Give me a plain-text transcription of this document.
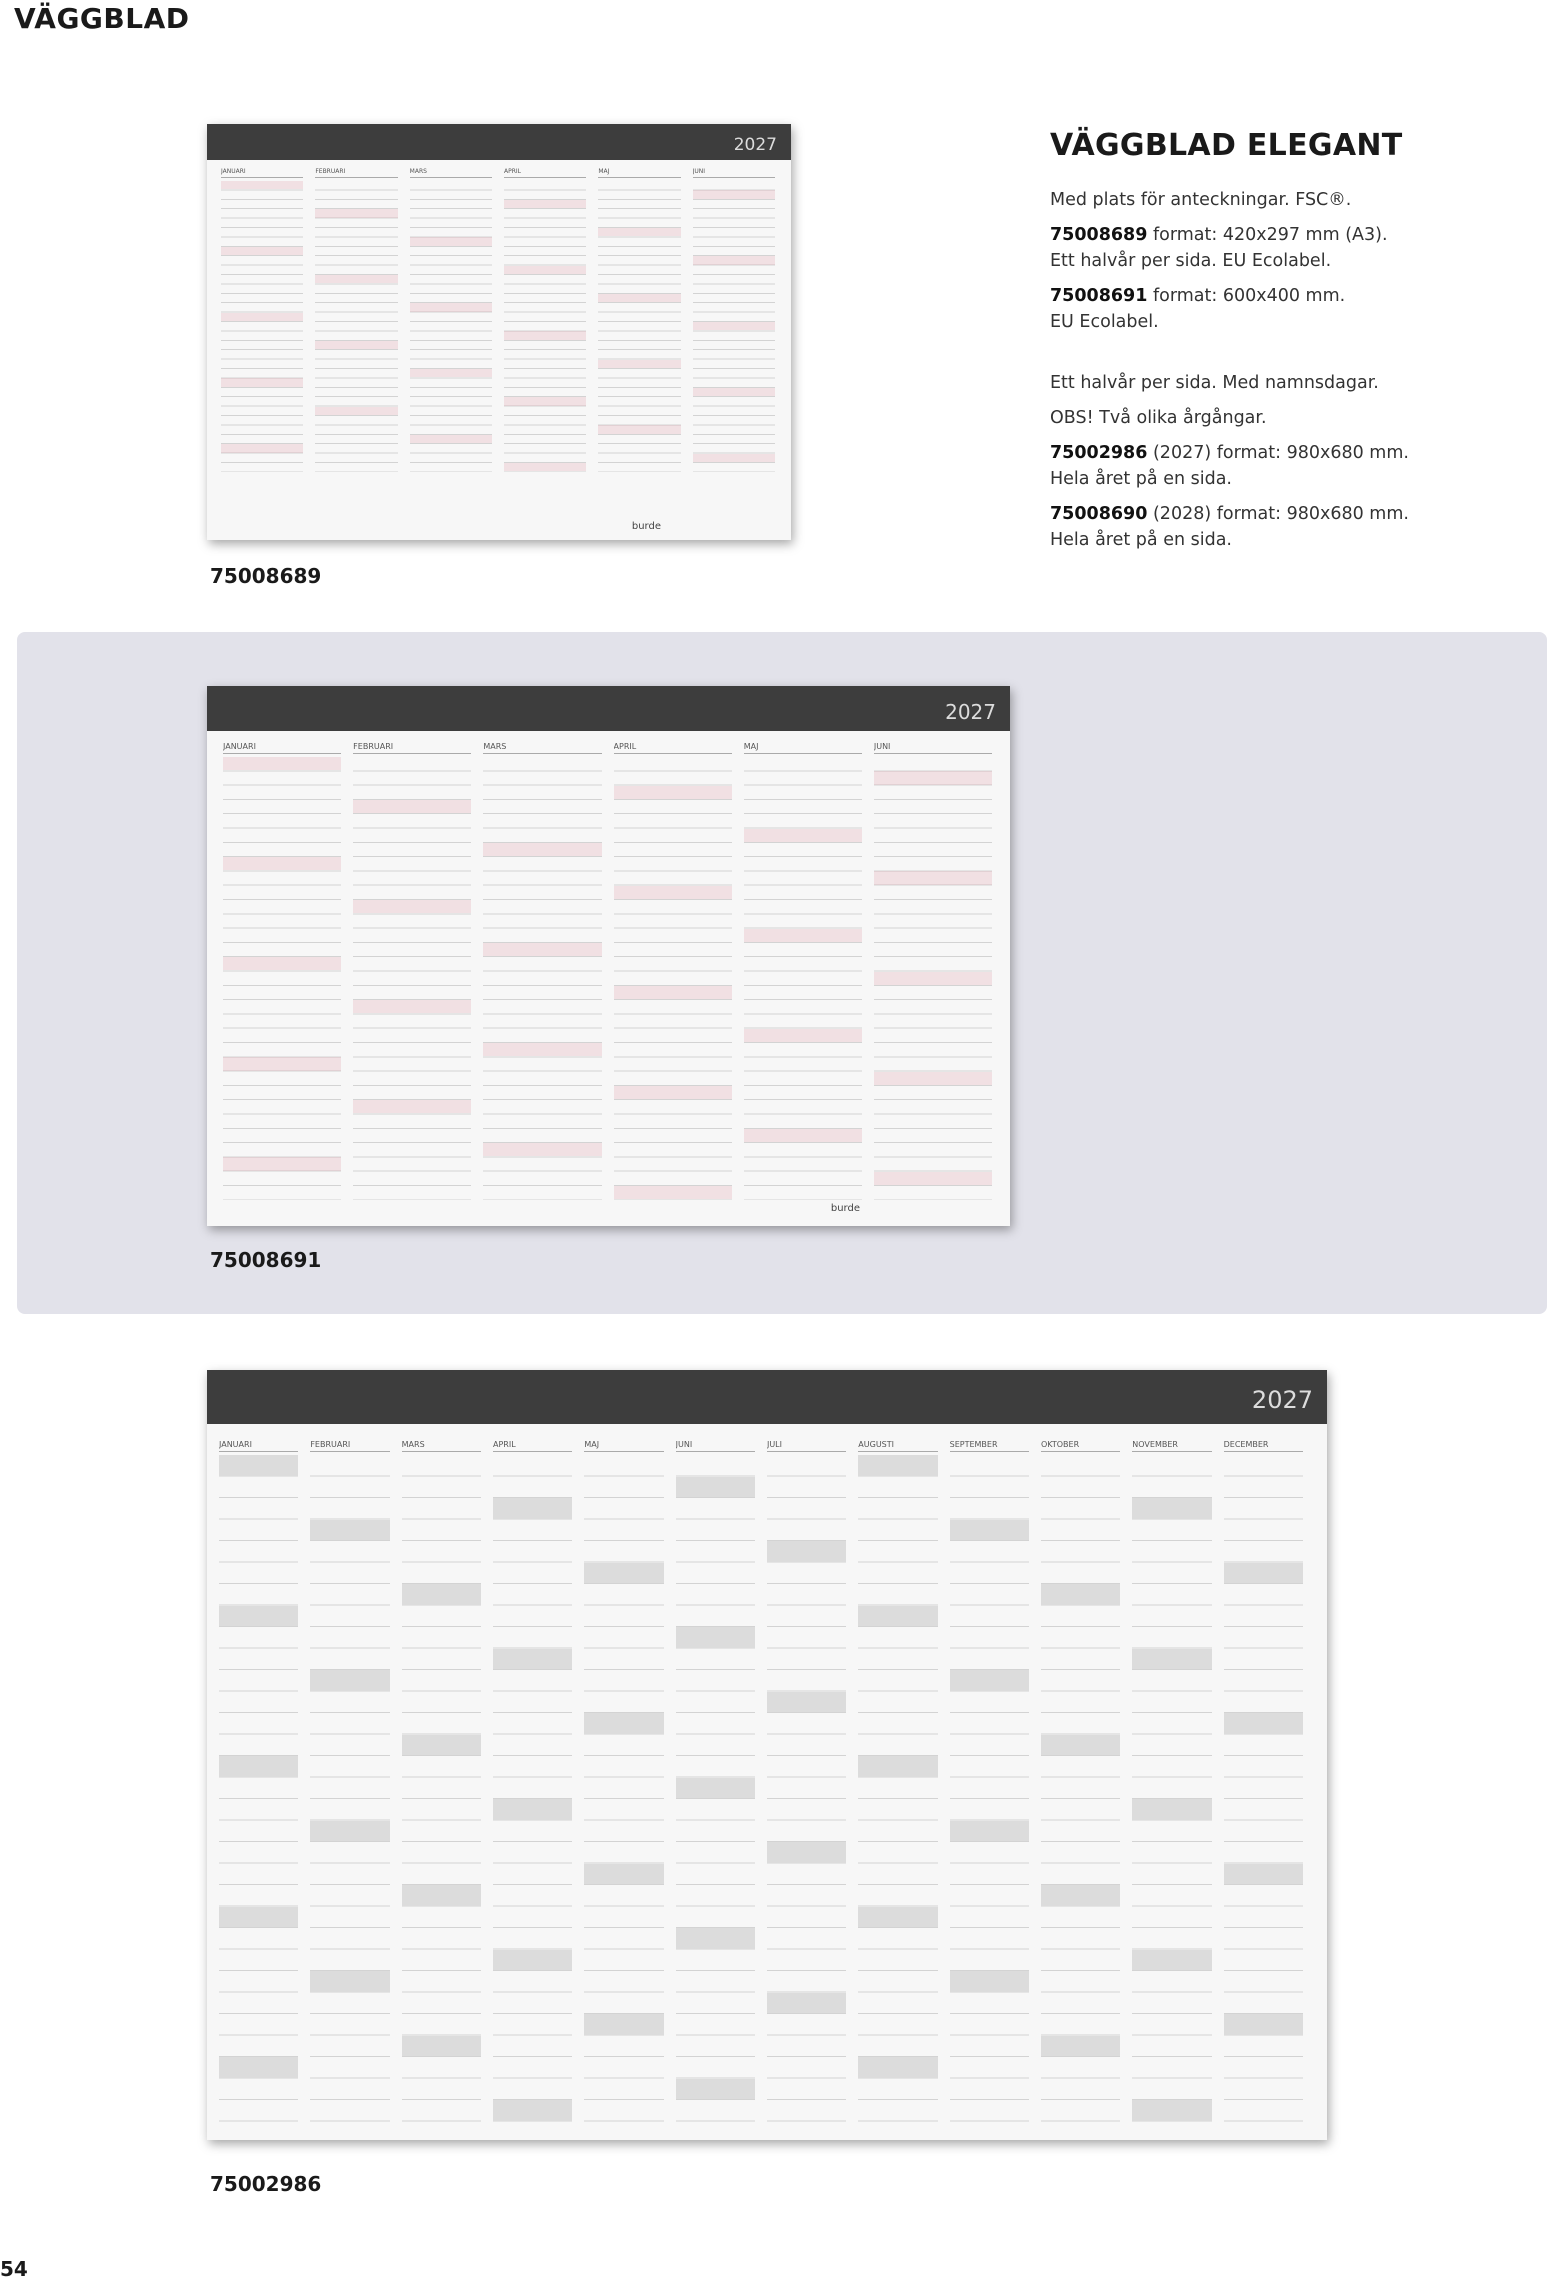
VÄGGBLAD
VÄGGBLAD ELEGANT

Med plats för anteckningar. FSC®.

75008689 format: 420x297 mm (A3).
Ett halvår per sida. EU Ecolabel.

75008691 format: 600x400 mm.
EU Ecolabel.

Ett halvår per sida. Med namnsdagar.

OBS! Två olika årgångar.

75002986 (2027) format: 980x680 mm.
Hela året på en sida.

75008690 (2028) format: 980x680 mm.
Hela året på en sida.

2027
JANUARI	FEBRUARI	MARS	APRIL	MAJ	JUNI
burde
75008689
2027
JANUARI	FEBRUARI	MARS	APRIL	MAJ	JUNI
burde
75008691
2027
JANUARI	FEBRUARI	MARS	APRIL	MAJ	JUNI	JULI	AUGUSTI	SEPTEMBER	OKTOBER	NOVEMBER	DECEMBER
75002986
54
